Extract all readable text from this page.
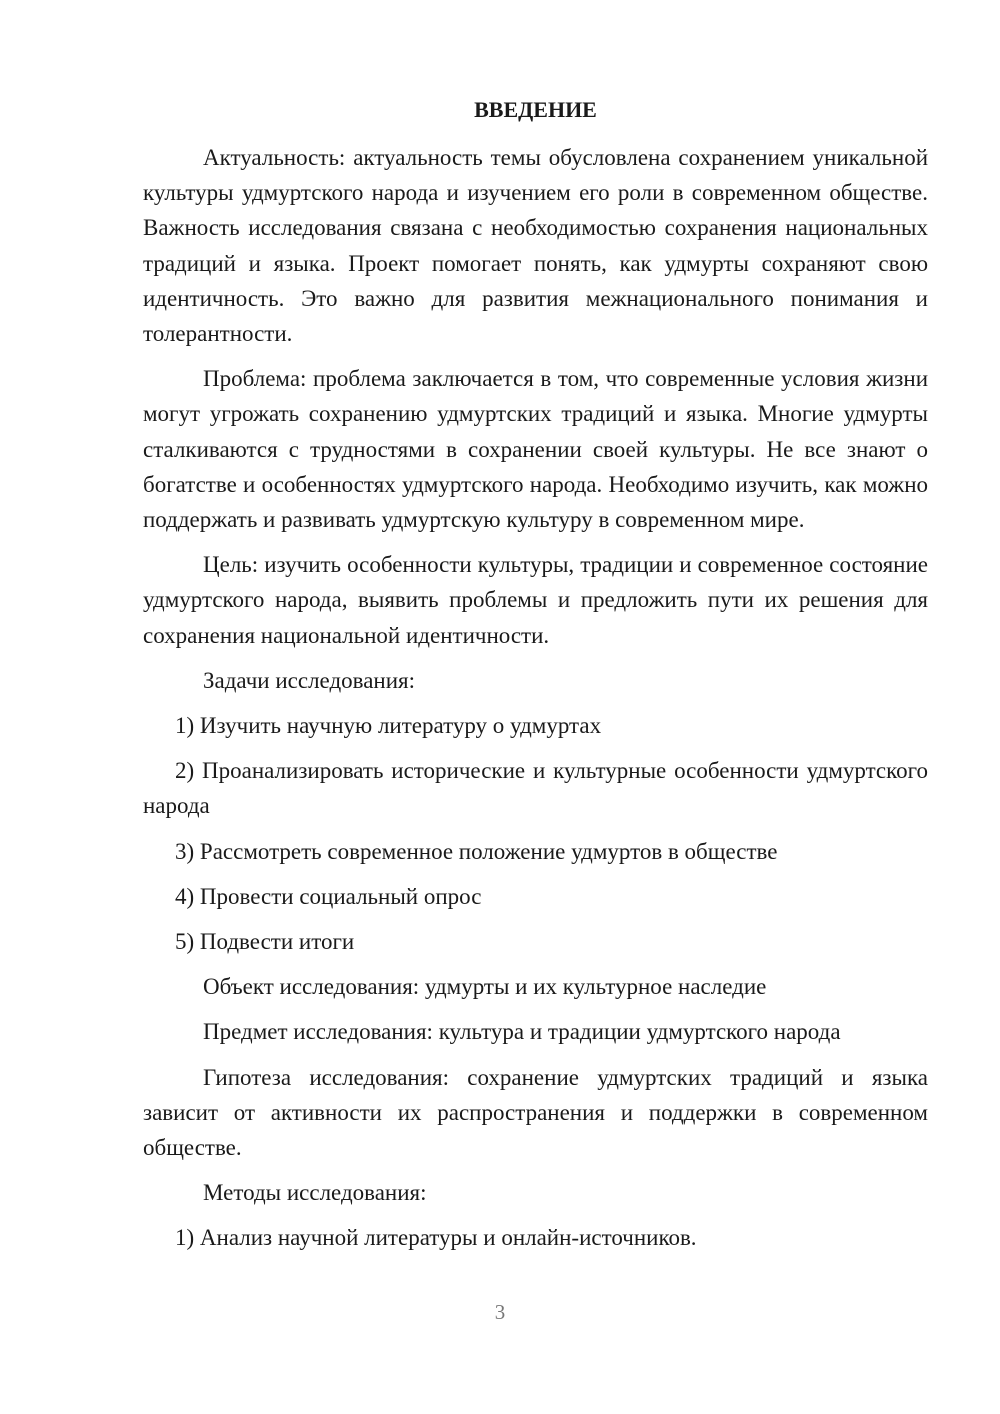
ВВЕДЕНИЕ

Актуальность: актуальность темы обусловлена сохранением уникальной культуры удмуртского народа и изучением его роли в современном обществе. Важность исследования связана с необходимостью сохранения национальных традиций и языка. Проект помогает понять, как удмурты сохраняют свою идентичность. Это важно для развития межнационального понимания и толерантности.

Проблема: проблема заключается в том, что современные условия жизни могут угрожать сохранению удмуртских традиций и языка. Многие удмурты сталкиваются с трудностями в сохранении своей культуры. Не все знают о богатстве и особенностях удмуртского народа. Необходимо изучить, как можно поддержать и развивать удмуртскую культуру в современном мире.

Цель: изучить особенности культуры, традиции и современное состояние удмуртского народа, выявить проблемы и предложить пути их решения для сохранения национальной идентичности.

Задачи исследования:

1) Изучить научную литературу о удмуртах

2) Проанализировать исторические и культурные особенности удмуртского народа

3) Рассмотреть современное положение удмуртов в обществе

4) Провести социальный опрос

5) Подвести итоги

Объект исследования: удмурты и их культурное наследие

Предмет исследования: культура и традиции удмуртского народа

Гипотеза исследования: сохранение удмуртских традиций и языка зависит от активности их распространения и поддержки в современном обществе.

Методы исследования:

1) Анализ научной литературы и онлайн-источников.

3
